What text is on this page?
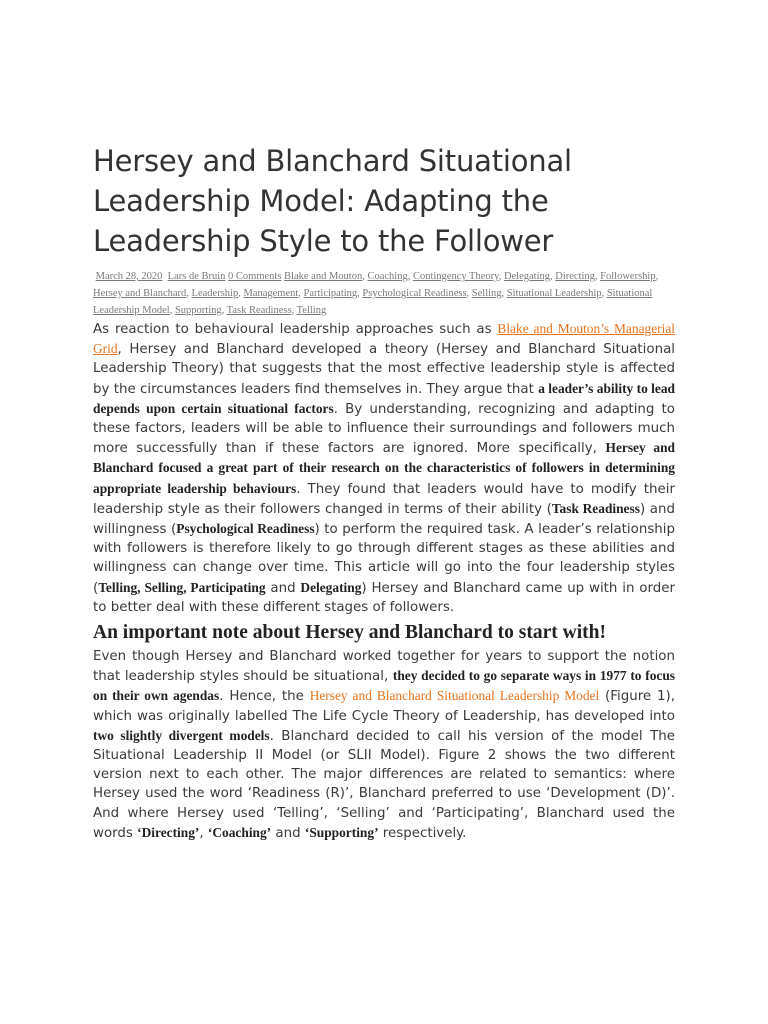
Hersey and Blanchard Situational Leadership Model: Adapting the Leadership Style to the Follower
March 28, 2020 Lars de Bruin 0 Comments Blake and Mouton, Coaching, Contingency Theory, Delegating, Directing, Followership, Hersey and Blanchard, Leadership, Management, Participating, Psychological Readiness, Selling, Situational Leadership, Situational Leadership Model, Supporting, Task Readiness, Telling

As reaction to behavioural leadership approaches such as Blake and Mouton’s Managerial Grid, Hersey and Blanchard developed a theory (Hersey and Blanchard Situational Leadership Theory) that suggests that the most effective leadership style is affected by the circumstances leaders find themselves in. They argue that a leader’s ability to lead depends upon certain situational factors. By understanding, recognizing and adapting to these factors, leaders will be able to influence their surroundings and followers much more successfully than if these factors are ignored. More specifically, Hersey and Blanchard focused a great part of their research on the characteristics of followers in determining appropriate leadership behaviours. They found that leaders would have to modify their leadership style as their followers changed in terms of their ability (Task Readiness) and willingness (Psychological Readiness) to perform the required task. A leader’s relationship with followers is therefore likely to go through different stages as these abilities and willingness can change over time. This article will go into the four leadership styles (Telling, Selling, Participating and Delegating) Hersey and Blanchard came up with in order to better deal with these different stages of followers.

An important note about Hersey and Blanchard to start with!

Even though Hersey and Blanchard worked together for years to support the notion that leadership styles should be situational, they decided to go separate ways in 1977 to focus on their own agendas. Hence, the Hersey and Blanchard Situational Leadership Model (Figure 1), which was originally labelled The Life Cycle Theory of Leadership, has developed into two slightly divergent models. Blanchard decided to call his version of the model The Situational Leadership II Model (or SLII Model). Figure 2 shows the two different version next to each other. The major differences are related to semantics: where Hersey used the word ‘Readiness (R)’, Blanchard preferred to use ‘Development (D)’. And where Hersey used ‘Telling’, ‘Selling’ and ‘Participating’, Blanchard used the words ‘Directing’, ‘Coaching’ and ‘Supporting’ respectively.
